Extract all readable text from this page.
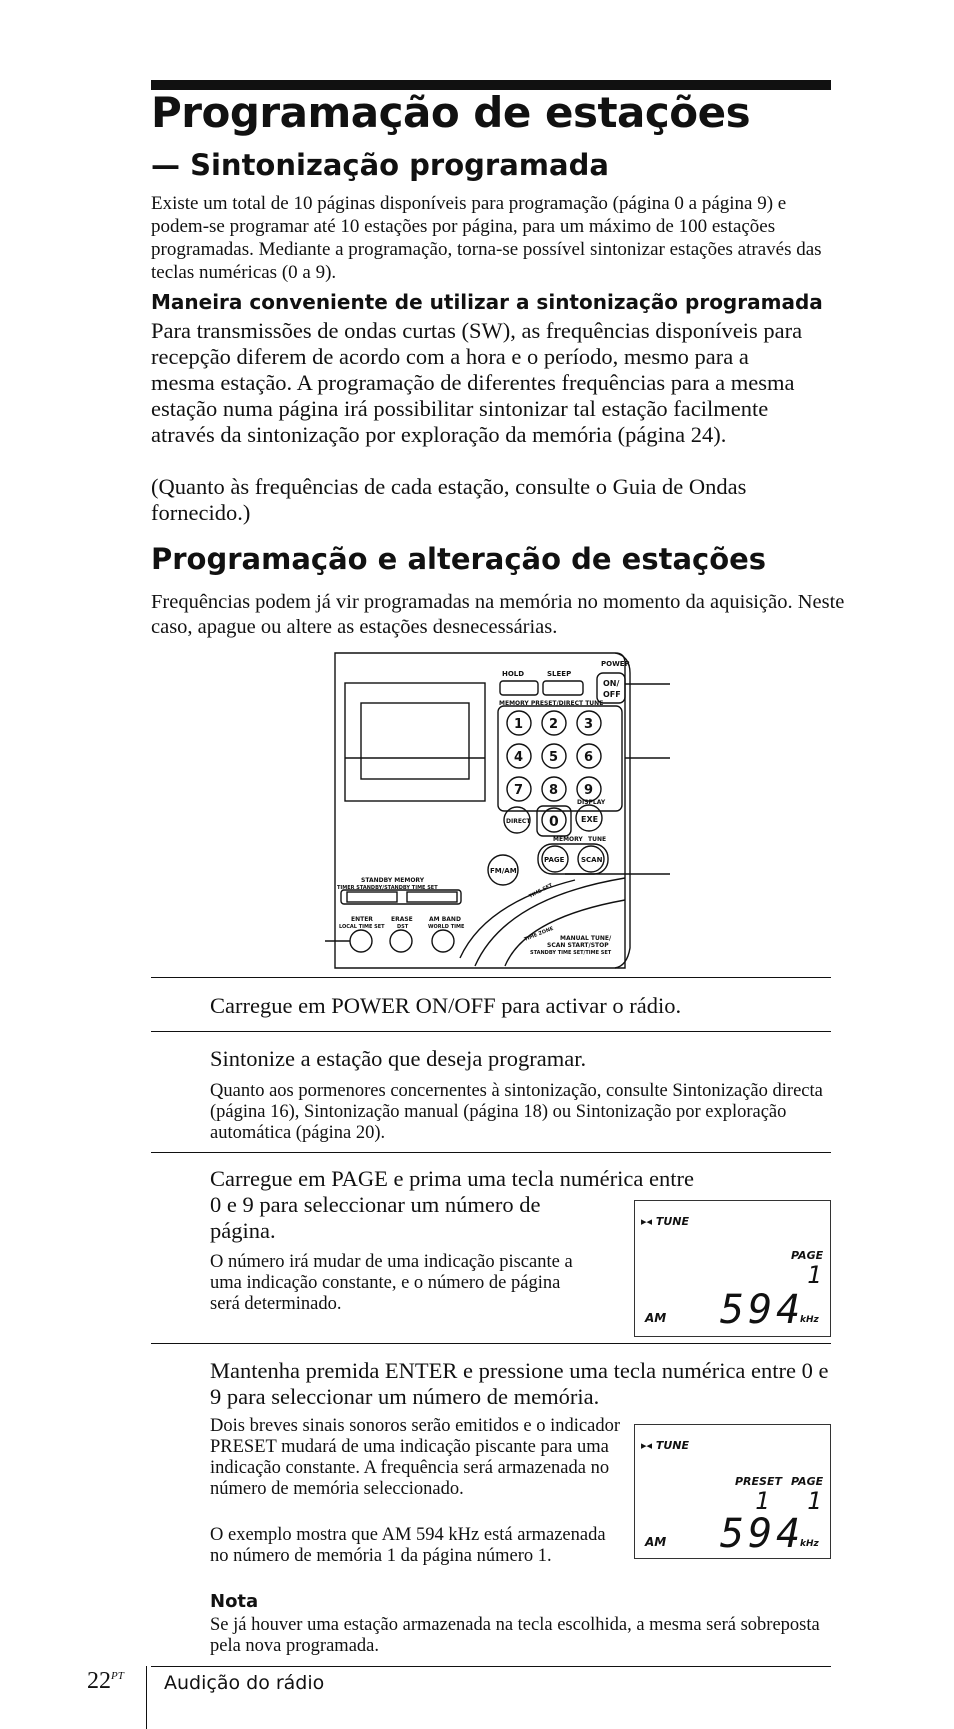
Programação de estações
— Sintonização programada

Existe um total de 10 páginas disponíveis para programação (página 0 a página 9) e podem-se programar até 10 estações por página, para um máximo de 100 estações programadas. Mediante a programação, torna-se possível sintonizar estações através das teclas numéricas (0 a 9).

Maneira conveniente de utilizar a sintonização programada

Para transmissões de ondas curtas (SW), as frequências disponíveis para recepção diferem de acordo com a hora e o período, mesmo para a mesma estação. A programação de diferentes frequências para a mesma estação numa página irá possibilitar sintonizar tal estação facilmente através da sintonização por exploração da memória (página 24).

(Quanto às frequências de cada estação, consulte o Guia de Ondas fornecido.)

Programação e alteração de estações

Frequências podem já vir programadas na memória no momento da aquisição. Neste caso, apague ou altere as estações desnecessárias.

POWER
ON/
OFF
HOLD	SLEEP
MEMORY PRESET/DIRECT TUNE
1 2 3
4 5 6
7 8 9
0
DIRECT
DISPLAY
EXE
MEMORY TUNE
PAGE SCAN
FM/AM
STANDBY MEMORY
TIMER STANDBY/STANDBY TIME SET
ENTER
LOCAL TIME SET
ERASE
DST
AM BAND
WORLD TIME
TIME SET
TIME ZONE MANUAL TUNE/
SCAN START/STOP
STANDBY TIME SET/TIME SET

Carregue em POWER ON/OFF para activar o rádio.

Sintonize a estação que deseja programar.

Quanto aos pormenores concernentes à sintonização, consulte Sintonização directa (página 16), Sintonização manual (página 18) ou Sintonização por exploração automática (página 20).

Carregue em PAGE e prima uma tecla numérica entre

0 e 9 para seleccionar um número de

página.

O número irá mudar de uma indicação piscante a uma indicação constante, e o número de página será determinado.

▸◂ TUNE
PAGE
1
AM 594
kHz

Mantenha premida ENTER e pressione uma tecla numérica entre 0 e 9 para seleccionar um número de memória.

Dois breves sinais sonoros serão emitidos e o indicador PRESET mudará de uma indicação piscante para uma indicação constante. A frequência será armazenada no número de memória seleccionado.

O exemplo mostra que AM 594 kHz está armazenada no número de memória 1 da página número 1.

Nota

Se já houver uma estação armazenada na tecla escolhida, a mesma será sobreposta pela nova programada.

▸◂ TUNE
PRESET PAGE
1 1
AM 594
kHz
$22^{PT}$ Audição do rádio
